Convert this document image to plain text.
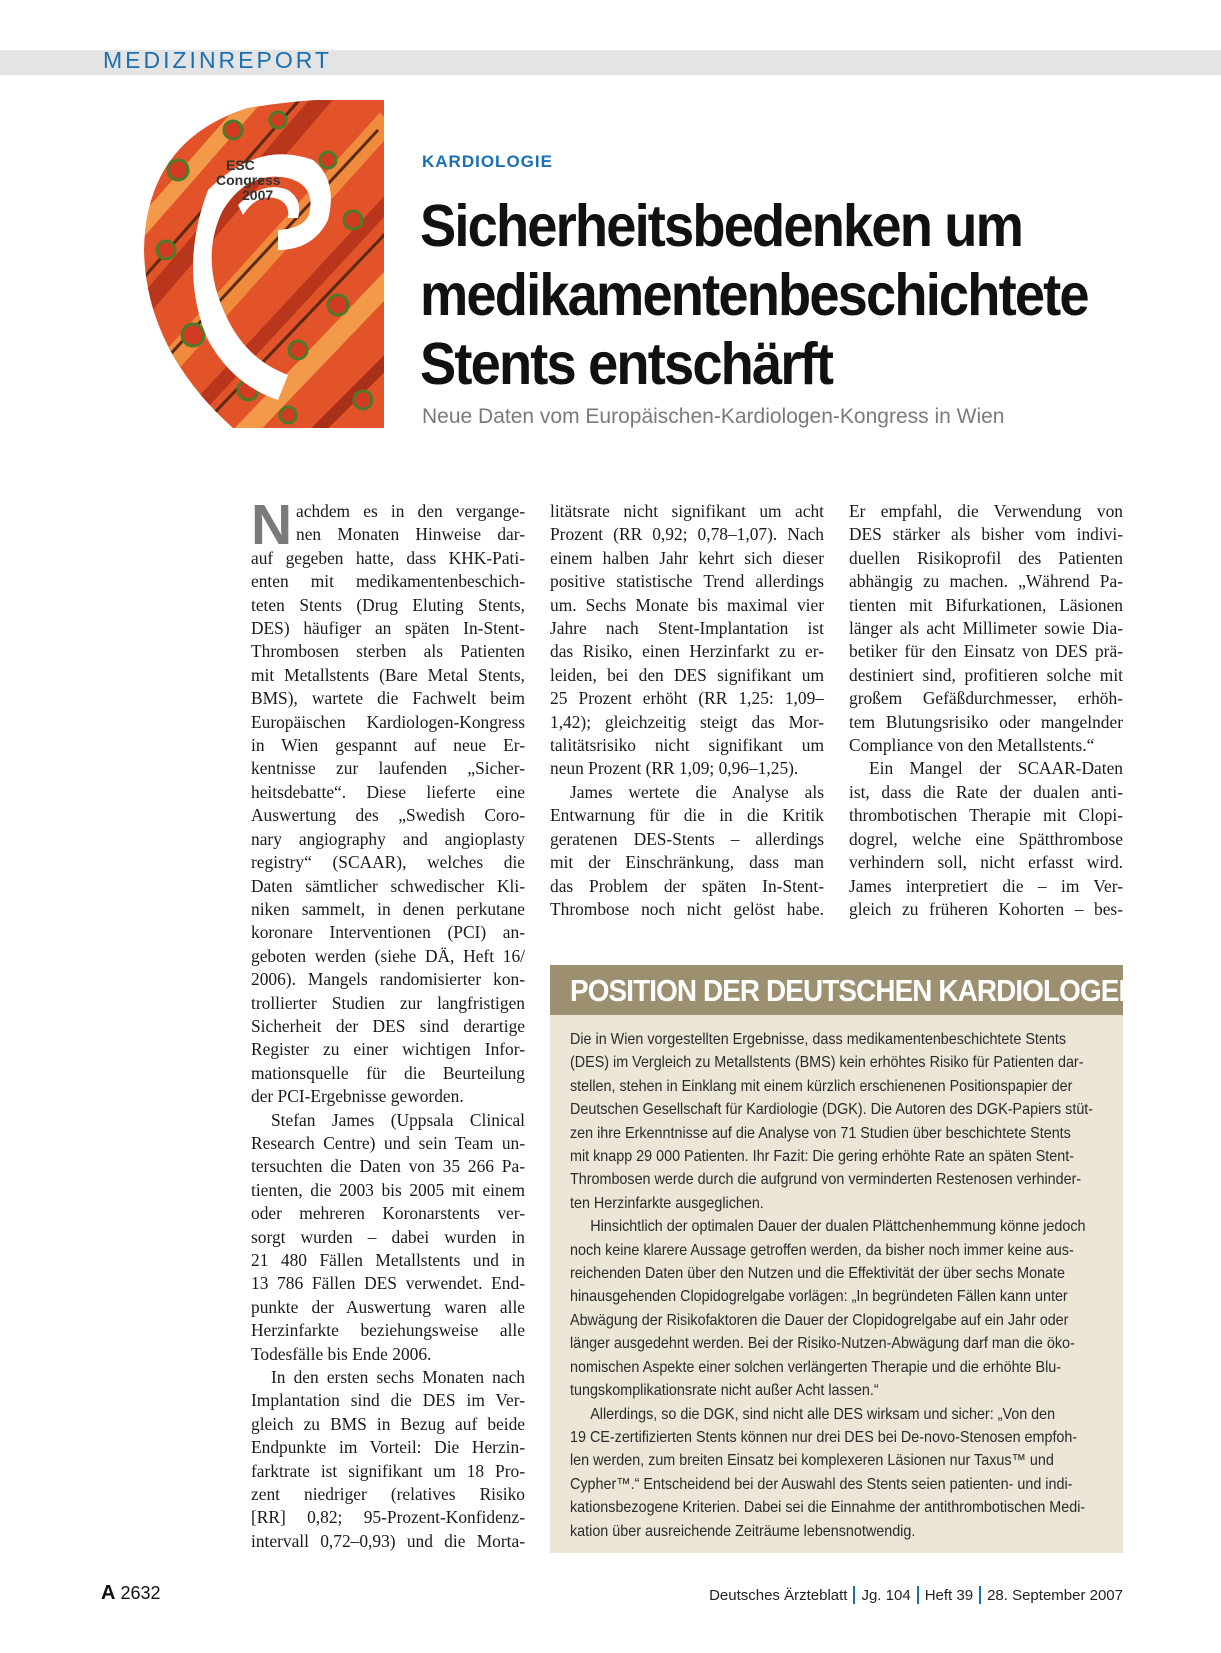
MEDIZINREPORT
ESC
Congress
2007
KARDIOLOGIE
Sicherheitsbedenken um
medikamentenbeschichtete
Stents entschärft
Neue Daten vom Europäischen-Kardiologen-Kongress in Wien
N achdem es in den vergange-
nen Monaten Hinweise dar-
auf gegeben hatte, dass KHK-Pati-
enten mit medikamentenbeschich-
teten Stents (Drug Eluting Stents,
DES) häufiger an späten In-Stent-
Thrombosen sterben als Patienten
mit Metallstents (Bare Metal Stents,
BMS), wartete die Fachwelt beim
Europäischen Kardiologen-Kongress
in Wien gespannt auf neue Er-
kentnisse zur laufenden „Sicher-
heitsdebatte“. Diese lieferte eine
Auswertung des „Swedish Coro-
nary angiography and angioplasty
registry“ (SCAAR), welches die
Daten sämtlicher schwedischer Kli-
niken sammelt, in denen perkutane
koronare Interventionen (PCI) an-
geboten werden (siehe DÄ, Heft 16/
2006). Mangels randomisierter kon-
trollierter Studien zur langfristigen
Sicherheit der DES sind derartige
Register zu einer wichtigen Infor-
mationsquelle für die Beurteilung
der PCI-Ergebnisse geworden.
Stefan James (Uppsala Clinical
Research Centre) und sein Team un-
tersuchten die Daten von 35 266 Pa-
tienten, die 2003 bis 2005 mit einem
oder mehreren Koronarstents ver-
sorgt wurden – dabei wurden in
21 480 Fällen Metallstents und in
13 786 Fällen DES verwendet. End-
punkte der Auswertung waren alle
Herzinfarkte beziehungsweise alle
Todesfälle bis Ende 2006.
In den ersten sechs Monaten nach
Implantation sind die DES im Ver-
gleich zu BMS in Bezug auf beide
Endpunkte im Vorteil: Die Herzin-
farktrate ist signifikant um 18 Pro-
zent niedriger (relatives Risiko
[RR] 0,82; 95-Prozent-Konfidenz-
intervall 0,72–0,93) und die Morta-
litätsrate nicht signifikant um acht
Prozent (RR 0,92; 0,78–1,07). Nach
einem halben Jahr kehrt sich dieser
positive statistische Trend allerdings
um. Sechs Monate bis maximal vier
Jahre nach Stent-Implantation ist
das Risiko, einen Herzinfarkt zu er-
leiden, bei den DES signifikant um
25 Prozent erhöht (RR 1,25: 1,09–
1,42); gleichzeitig steigt das Mor-
talitätsrisiko nicht signifikant um
neun Prozent (RR 1,09; 0,96–1,25).
James wertete die Analyse als
Entwarnung für die in die Kritik
geratenen DES-Stents – allerdings
mit der Einschränkung, dass man
das Problem der späten In-Stent-
Thrombose noch nicht gelöst habe.
Er empfahl, die Verwendung von
DES stärker als bisher vom indivi-
duellen Risikoprofil des Patienten
abhängig zu machen. „Während Pa-
tienten mit Bifurkationen, Läsionen
länger als acht Millimeter sowie Dia-
betiker für den Einsatz von DES prä-
destiniert sind, profitieren solche mit
großem Gefäßdurchmesser, erhöh-
tem Blutungsrisiko oder mangelnder
Compliance von den Metallstents.“
Ein Mangel der SCAAR-Daten
ist, dass die Rate der dualen anti-
thrombotischen Therapie mit Clopi-
dogrel, welche eine Spätthrombose
verhindern soll, nicht erfasst wird.
James interpretiert die – im Ver-
gleich zu früheren Kohorten – bes-
POSITION DER DEUTSCHEN KARDIOLOGEN
Die in Wien vorgestellten Ergebnisse, dass medikamentenbeschichtete Stents
(DES) im Vergleich zu Metallstents (BMS) kein erhöhtes Risiko für Patienten dar-
stellen, stehen in Einklang mit einem kürzlich erschienenen Positionspapier der
Deutschen Gesellschaft für Kardiologie (DGK). Die Autoren des DGK-Papiers stüt-
zen ihre Erkenntnisse auf die Analyse von 71 Studien über beschichtete Stents
mit knapp 29 000 Patienten. Ihr Fazit: Die gering erhöhte Rate an späten Stent-
Thrombosen werde durch die aufgrund von verminderten Restenosen verhinder-
ten Herzinfarkte ausgeglichen.
Hinsichtlich der optimalen Dauer der dualen Plättchenhemmung könne jedoch
noch keine klarere Aussage getroffen werden, da bisher noch immer keine aus-
reichenden Daten über den Nutzen und die Effektivität der über sechs Monate
hinausgehenden Clopidogrelgabe vorlägen: „In begründeten Fällen kann unter
Abwägung der Risikofaktoren die Dauer der Clopidogrelgabe auf ein Jahr oder
länger ausgedehnt werden. Bei der Risiko-Nutzen-Abwägung darf man die öko-
nomischen Aspekte einer solchen verlängerten Therapie und die erhöhte Blu-
tungskomplikationsrate nicht außer Acht lassen.“
Allerdings, so die DGK, sind nicht alle DES wirksam und sicher: „Von den
19 CE-zertifizierten Stents können nur drei DES bei De-novo-Stenosen empfoh-
len werden, zum breiten Einsatz bei komplexeren Läsionen nur Taxus™ und
Cypher™.“ Entscheidend bei der Auswahl des Stents seien patienten- und indi-
kationsbezogene Kriterien. Dabei sei die Einnahme der antithrombotischen Medi-
kation über ausreichende Zeiträume lebensnotwendig.
A 2632	Deutsches Ärzteblatt Jg. 104 Heft 39 28. September 2007
